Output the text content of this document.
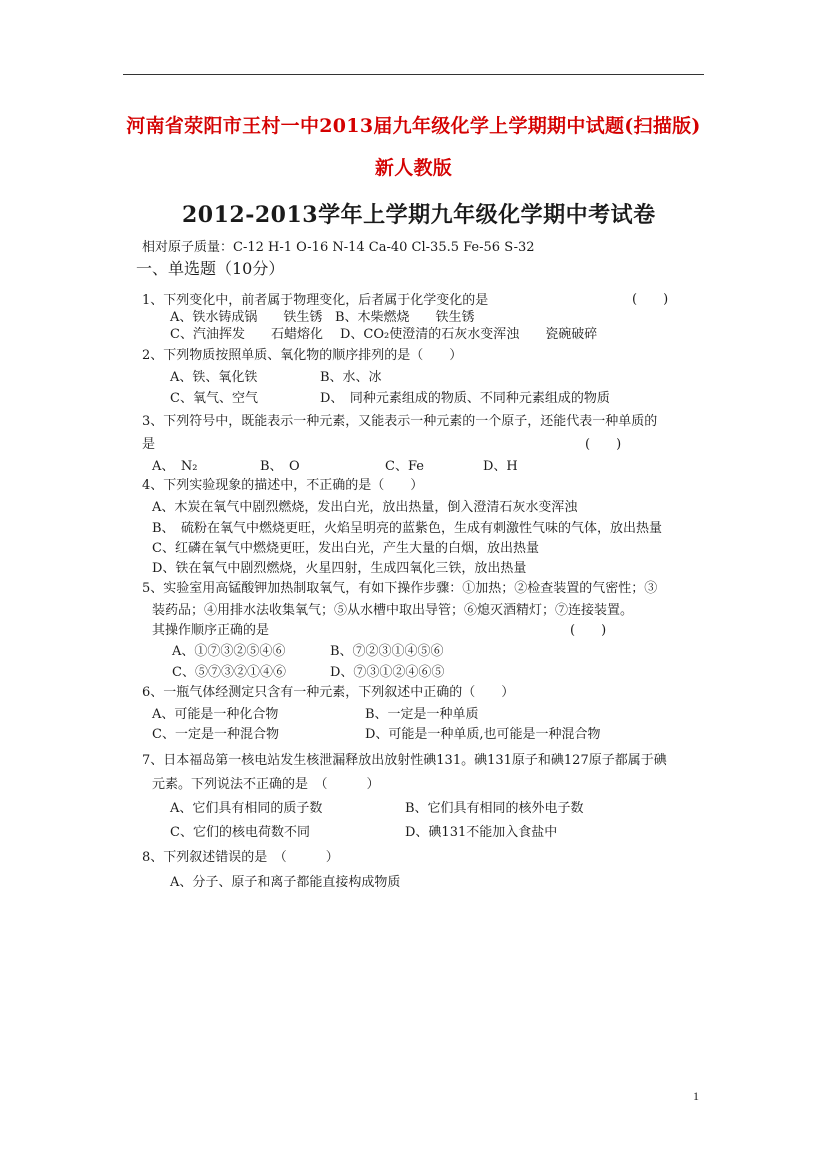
河南省荥阳市王村一中2013届九年级化学上学期期中试题(扫描版)
新人教版
2012-2013学年上学期九年级化学期中考试卷
相对原子质量：C-12 H-1 O-16 N-14 Ca-40 Cl-35.5 Fe-56 S-32
一、单选题（10分）
1、下列变化中，前者属于物理变化，后者属于化学变化的是	(　　)
A、铁水铸成锅　　铁生锈 B、木柴燃烧　　铁生锈
C、汽油挥发　　石蜡熔化 D、CO₂使澄清的石灰水变浑浊　　瓷碗破碎
2、下列物质按照单质、氧化物的顺序排列的是（　　）
A、铁、氧化铁	B、水、冰
C、氧气、空气	D、　同种元素组成的物质、不同种元素组成的物质
3、下列符号中，既能表示一种元素，又能表示一种元素的一个原子，还能代表一种单质的
是	(　　)
A、　N₂	B、　O	C、Fe	D、H
4、下列实验现象的描述中，不正确的是（　　）
A、木炭在氧气中剧烈燃烧，发出白光，放出热量，倒入澄清石灰水变浑浊
B、　硫粉在氧气中燃烧更旺，火焰呈明亮的蓝紫色，生成有刺激性气味的气体，放出热量
C、红磷在氧气中燃烧更旺，发出白光，产生大量的白烟，放出热量
D、铁在氧气中剧烈燃烧，火星四射，生成四氧化三铁，放出热量
5、实验室用高锰酸钾加热制取氧气，有如下操作步骤：①加热；②检查装置的气密性；③
装药品；④用排水法收集氧气；⑤从水槽中取出导管；⑥熄灭酒精灯；⑦连接装置。
其操作顺序正确的是	(　　)
A、①⑦③②⑤④⑥	B、⑦②③①④⑤⑥
C、⑤⑦③②①④⑥	D、⑦③①②④⑥⑤
6、一瓶气体经测定只含有一种元素，下列叙述中正确的（　　）
A、可能是一种化合物	B、一定是一种单质
C、一定是一种混合物	D、可能是一种单质,也可能是一种混合物
7、日本福岛第一核电站发生核泄漏释放出放射性碘131。碘131原子和碘127原子都属于碘
元素。下列说法不正确的是　（　　　）
A、它们具有相同的质子数	B、它们具有相同的核外电子数
C、它们的核电荷数不同	D、碘131不能加入食盐中
8、下列叙述错误的是　（　　　）
A、分子、原子和离子都能直接构成物质
1
